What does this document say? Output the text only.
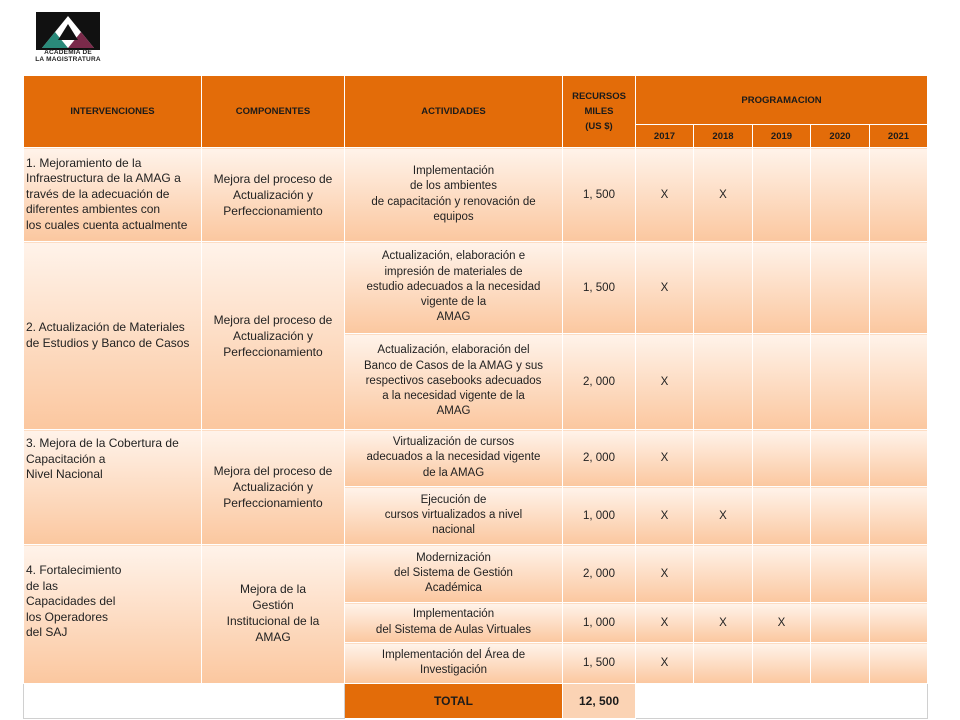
ACADEMIA DE
LA MAGISTRATURA
INTERVENCIONES	COMPONENTES	ACTIVIDADES	RECURSOS
MILES
(US $)	PROGRAMACION				
				2017	2018	2019	2020	2021
1. Mejoramiento de la
Infraestructura de la AMAG a
través de la adecuación de
diferentes ambientes con
los cuales cuenta actualmente	Mejora del proceso de
Actualización y
Perfeccionamiento	Implementación
de los ambientes
de capacitación y renovación de
equipos	1, 500	X	X			
2. Actualización de Materiales
de Estudios y Banco de Casos	Mejora del proceso de
Actualización y
Perfeccionamiento	Actualización, elaboración e
impresión de materiales de
estudio adecuados a la necesidad
vigente de la
AMAG	1, 500	X				
		Actualización, elaboración del
Banco de Casos de la AMAG y sus
respectivos casebooks adecuados
a la necesidad vigente de la
AMAG	2, 000	X				
3. Mejora de la Cobertura de
Capacitación a
Nivel Nacional	Mejora del proceso de
Actualización y
Perfeccionamiento	Virtualización de cursos
adecuados a la necesidad vigente
de la AMAG	2, 000	X				
		Ejecución de
cursos virtualizados a nivel
nacional	1, 000	X	X			
4. Fortalecimiento
de las
Capacidades del
los Operadores
del SAJ	Mejora de la
Gestión
Institucional de la
AMAG	Modernización
del Sistema de Gestión
Académica	2, 000	X				
		Implementación
del Sistema de Aulas Virtuales	1, 000	X	X	X		
		Implementación del Área de
Investigación	1, 500	X				
		TOTAL	12, 500					
